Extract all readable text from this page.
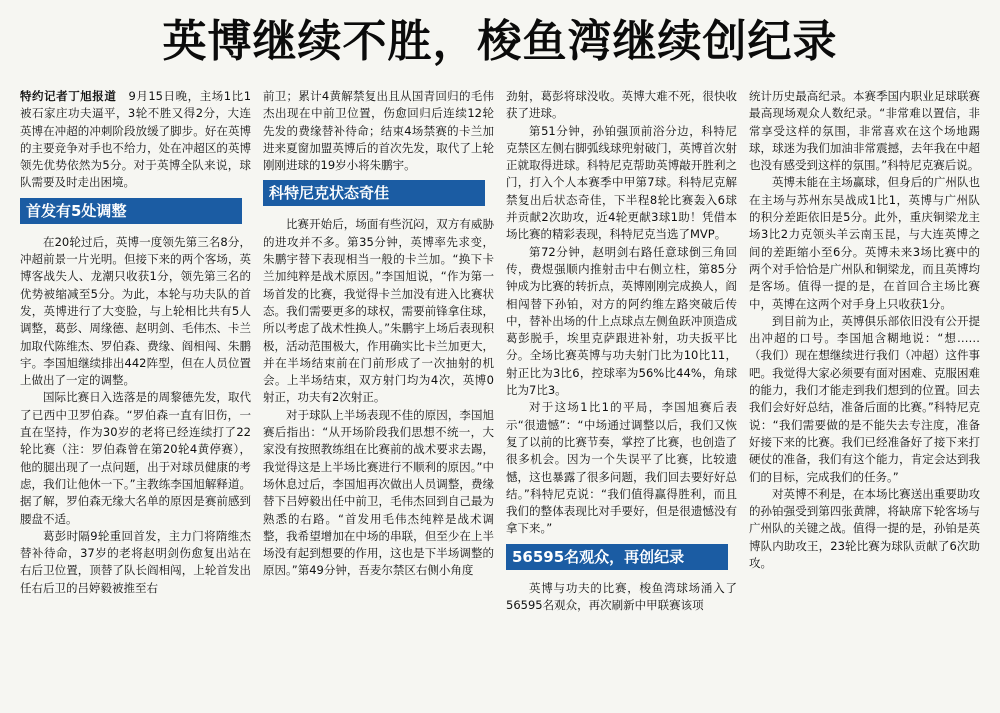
英博继续不胜，梭鱼湾继续创纪录

特约记者丁旭报道　 9月15日晚，主场1比1被石家庄功夫逼平，3轮不胜又得2分，大连英博在冲超的冲刺阶段放缓了脚步。好在英博的主要竞争对手也不给力，处在冲超区的英博领先优势依然为5分。对于英博全队来说，球队需要及时走出困境。

首发有5处调整

在20轮过后，英博一度领先第三名8分，冲超前景一片光明。但接下来的两个客场，英博客战失人、龙潮只收获1分，领先第三名的优势被缩减至5分。为此，本轮与功夫队的首发，英博进行了大变脸，与上轮相比共有5人调整，葛彭、周缘德、赵明剑、毛伟杰、卡兰加取代陈维杰、罗伯森、费缘、阎相闯、朱鹏宇。李国旭继续排出442阵型，但在人员位置上做出了一定的调整。

国际比赛日入选落是的周黎德先发，取代了已西中卫罗伯森。“罗伯森一直有旧伤，一直在坚持，作为30岁的老将已经连续打了22轮比赛（注：罗伯森曾在第20轮4黄停赛），他的腿出现了一点问题，出于对球员健康的考虑，我们让他休一下。”主教练李国旭解释道。据了解，罗伯森无缘大名单的原因是赛前感到腰盘不适。

葛彭时隔9轮重回首发，主力门将隋维杰替补待命，37岁的老将赵明剑伤愈复出站在右后卫位置，顶替了队长阎相闯，上轮首发出任右后卫的吕婷毅被推至右

前卫；累计4黄解禁复出且从国青回归的毛伟杰出现在中前卫位置，伤愈回归后连续12轮先发的费缘替补待命；结束4场禁赛的卡兰加进来夏窗加盟英博后的首次先发，取代了上轮刚刚进球的19岁小将朱鹏宇。

科特尼克状态奇佳

比赛开始后，场面有些沉闷，双方有威胁的进攻并不多。第35分钟，英博率先求变，朱鹏宇替下表现相当一般的卡兰加。“换下卡兰加纯粹是战术原因。”李国旭说，“作为第一场首发的比赛，我觉得卡兰加没有进入比赛状态。我们需要更多的球权，需要前锋拿住球，所以考虑了战术性换人。”朱鹏宇上场后表现积极，活动范围极大，作用确实比卡兰加更大，并在半场结束前在门前形成了一次抽射的机会。上半场结束，双方射门均为4次，英博0射正，功夫有2次射正。

对于球队上半场表现不佳的原因，李国旭赛后指出：“从开场阶段我们思想不统一，大家没有按照教练组在比赛前的战术要求去踢，我觉得这是上半场比赛进行不顺利的原因。”中场休息过后，李国旭再次做出人员调整，费缘替下吕婷毅出任中前卫，毛伟杰回到自己最为熟悉的右路。“首发用毛伟杰纯粹是战术调整，我希望增加在中场的串联，但至少在上半场没有起到想要的作用，这也是下半场调整的原因。”第49分钟，吾麦尔禁区右侧小角度

劲射，葛彭将球没收。英博大难不死，很快收获了进球。

第51分钟，孙铂强顶前浴分边，科特尼克禁区左侧右脚弧线球兜射破门，英博首次射正就取得进球。科特尼克帮助英博敲开胜利之门，打入个人本赛季中甲第7球。科特尼克解禁复出后状态奇佳，下半程8轮比赛轰入6球并贡献2次助攻，近4轮更献3球1助！凭借本场比赛的精彩表现，科特尼克当选了MVP。

第72分钟，赵明剑右路任意球倒三角回传，费煜强顺内推射击中右侧立柱，第85分钟成为比赛的转折点，英博刚刚完成换人，阎相闯替下孙铂，对方的阿约维左路突破后传中，替补出场的什上点球点左侧鱼跃冲顶造成葛彭脱手，埃里克萨跟进补射，功夫扳平比分。全场比赛英博与功夫射门比为10比11，射正比为3比6，控球率为56%比44%，角球比为7比3。

对于这场1比1的平局，李国旭赛后表示“很遗憾”：“中场通过调整以后，我们又恢复了以前的比赛节奏，掌控了比赛，也创造了很多机会。因为一个失误平了比赛，比较遗憾，这也暴露了很多问题，我们回去要好好总结。”科特尼克说：“我们值得赢得胜利，而且我们的整体表现比对手要好，但是很遗憾没有拿下来。”

56595名观众，再创纪录

英博与功夫的比赛，梭鱼湾球场涌入了56595名观众，再次刷新中甲联赛该项

统计历史最高纪录。本赛季国内职业足球联赛最高现场观众人数纪录。“非常难以置信，非常享受这样的氛围，非常喜欢在这个场地踢球，球迷为我们加油非常震撼，去年我在中超也没有感受到这样的氛围。”科特尼克赛后说。

英博未能在主场赢球，但身后的广州队也在主场与苏州东吴战成1比1，英博与广州队的积分差距依旧是5分。此外，重庆铜梁龙主场3比2力克领头羊云南玉昆，与大连英博之间的差距缩小至6分。英博未来3场比赛中的两个对手恰恰是广州队和铜梁龙，而且英博均是客场。值得一提的是，在首回合主场比赛中，英博在这两个对手身上只收获1分。

到目前为止，英博俱乐部依旧没有公开提出冲超的口号。李国旭含糊地说：“想……（我们）现在想继续进行我们（冲超）这件事吧。我觉得大家必须要有面对困难、克服困难的能力，我们才能走到我们想到的位置。回去我们会好好总结，准备后面的比赛。”科特尼克说：“我们需要做的是不能失去专注度，准备好接下来的比赛。我们已经准备好了接下来打硬仗的准备，我们有这个能力，肯定会达到我们的目标，完成我们的任务。”

对英博不利是，在本场比赛送出重要助攻的孙铂强受到第四张黄牌，将缺席下轮客场与广州队的关键之战。值得一提的是，孙铂是英博队内助攻王，23轮比赛为球队贡献了6次助攻。
